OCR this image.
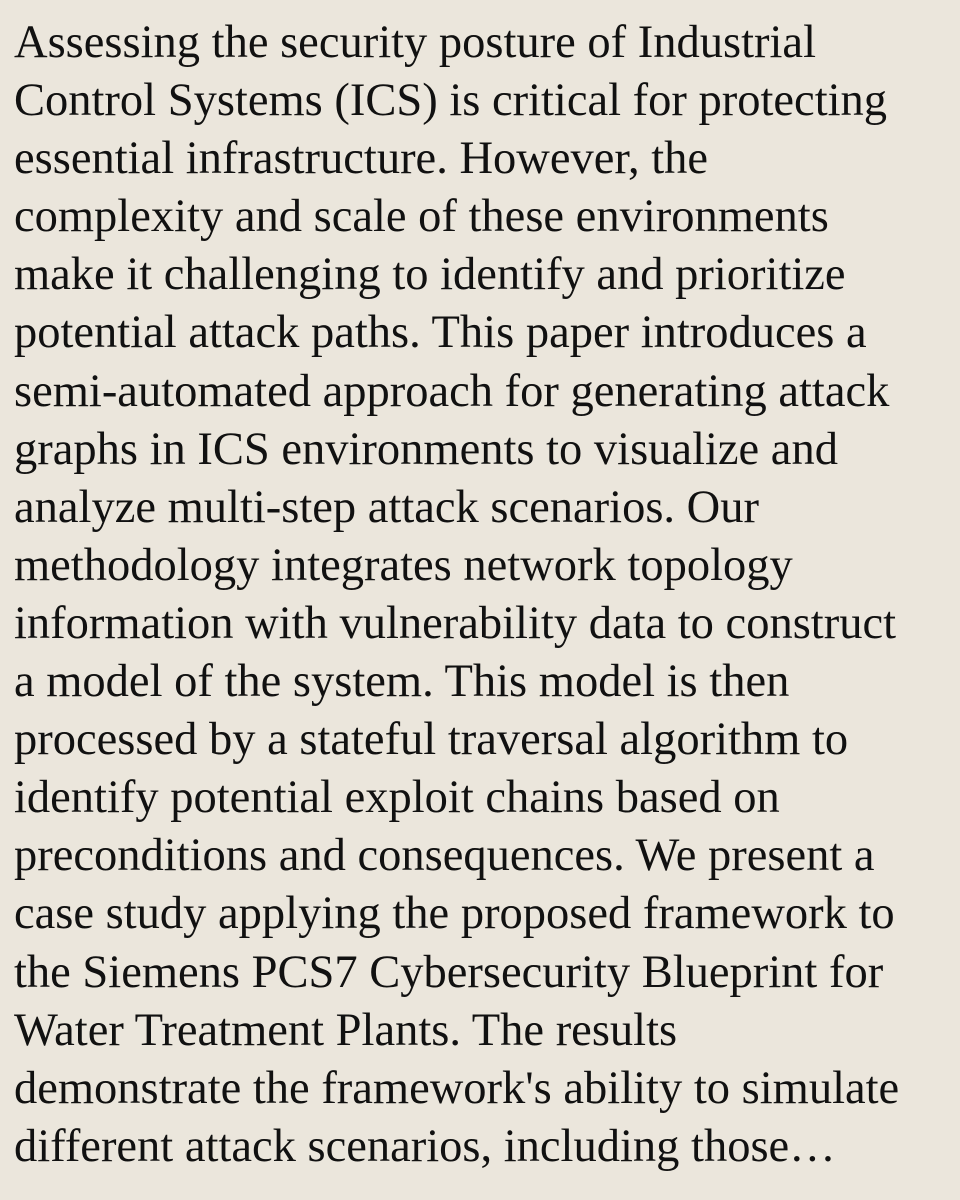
Assessing the security posture of Industrial
Control Systems (ICS) is critical for protecting
essential infrastructure. However, the
complexity and scale of these environments
make it challenging to identify and prioritize
potential attack paths. This paper introduces a
semi-automated approach for generating attack
graphs in ICS environments to visualize and
analyze multi-step attack scenarios. Our
methodology integrates network topology
information with vulnerability data to construct
a model of the system. This model is then
processed by a stateful traversal algorithm to
identify potential exploit chains based on
preconditions and consequences. We present a
case study applying the proposed framework to
the Siemens PCS7 Cybersecurity Blueprint for
Water Treatment Plants. The results
demonstrate the framework's ability to simulate
different attack scenarios, including those…
